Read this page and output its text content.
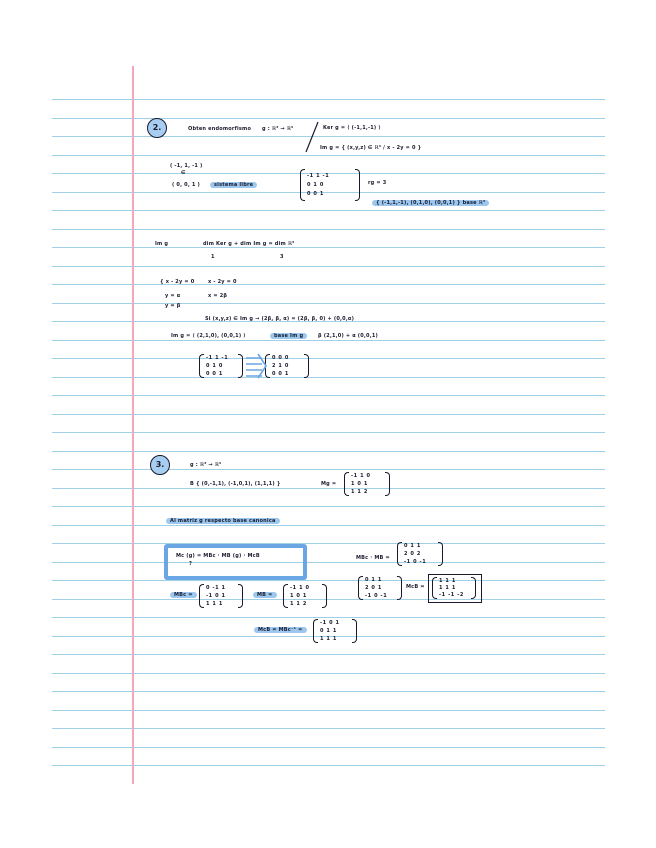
2.	Obten endomorfismo g : ℝ³ → ℝ³	Ker g = ⟨ (-1,1,-1) ⟩
Im g = { (x,y,z) ∈ ℝ³ / x - 2y = 0 }
( -1, 1, -1 )
∈
( 0, 0, 1 )	sistema libre
-1 1 -1
0 1 0
0 0 1
rg = 3
{ (-1,1,-1), (0,1,0), (0,0,1) } base ℝ³
Im g	dim Ker g + dim Im g = dim ℝ³
1	3
{ x - 2y = 0	x - 2y = 0
y = α
y = β
x = 2β
Si (x,y,z) ∈ Im g → (2β, β, α) = (2β, β, 0) + (0,0,α)
Im g = ⟨ (2,1,0), (0,0,1) ⟩	base Im g	β (2,1,0) + α (0,0,1)
-1 1 -1
0 1 0
0 0 1
0 0 0
2 1 0
0 0 1
3.	g : ℝ³ → ℝ³
B { (0,-1,1), (-1,0,1), (1,1,1) }	Mg =
-1 1 0
1 0 1
1 1 2
Al matriz g respecto base canonica
Mc (g) = MBc · MB (g) · McB
?
MBc · MB =
0 1 1
2 0 2
-1 0 -1
MBc =
0 -1 1
-1 0 1
1 1 1
MB =
-1 1 0
1 0 1
1 1 2
0 1 1
2 0 1
-1 0 -1
McB =
1 1 1
1 1 1
-1 -1 -2
McB = MBc⁻¹ =
-1 0 1
0 1 1
1 1 1
